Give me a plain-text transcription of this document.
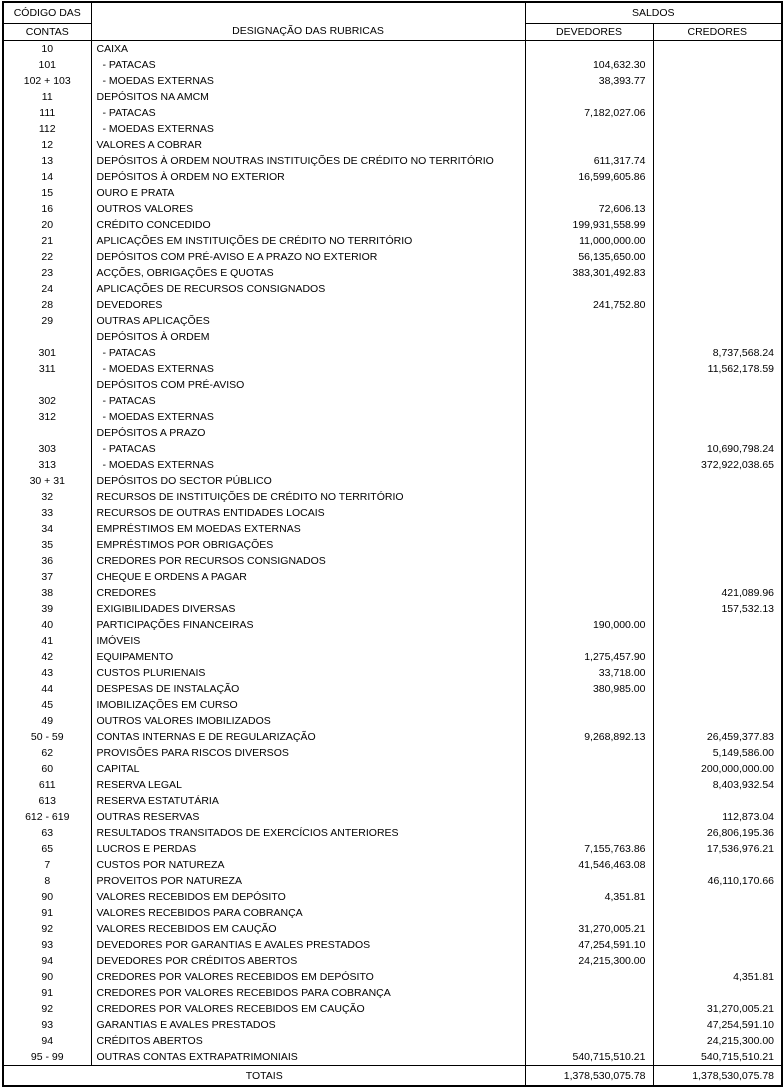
CÓDIGO DAS	DESIGNAÇÃO DAS RUBRICAS	SALDOS	
CONTAS		DEVEDORES	CREDORES
10	CAIXA		
101	- PATACAS	104,632.30	
102 + 103	- MOEDAS EXTERNAS	38,393.77	
11	DEPÓSITOS NA AMCM		
111	- PATACAS	7,182,027.06	
112	- MOEDAS EXTERNAS		
12	VALORES A COBRAR		
13	DEPÓSITOS À ORDEM NOUTRAS INSTITUIÇÕES DE CRÉDITO NO TERRITÓRIO	611,317.74	
14	DEPÓSITOS À ORDEM NO EXTERIOR	16,599,605.86	
15	OURO E PRATA		
16	OUTROS VALORES	72,606.13	
20	CRÉDITO CONCEDIDO	199,931,558.99	
21	APLICAÇÕES EM INSTITUIÇÕES DE CRÉDITO NO TERRITÓRIO	11,000,000.00	
22	DEPÓSITOS COM PRÉ-AVISO E A PRAZO NO EXTERIOR	56,135,650.00	
23	ACÇÕES, OBRIGAÇÕES E QUOTAS	383,301,492.83	
24	APLICAÇÕES DE RECURSOS CONSIGNADOS		
28	DEVEDORES	241,752.80	
29	OUTRAS APLICAÇÕES		
	DEPÓSITOS À ORDEM		
301	- PATACAS		8,737,568.24
311	- MOEDAS EXTERNAS		11,562,178.59
	DEPÓSITOS COM PRÉ-AVISO		
302	- PATACAS		
312	- MOEDAS EXTERNAS		
	DEPÓSITOS A PRAZO		
303	- PATACAS		10,690,798.24
313	- MOEDAS EXTERNAS		372,922,038.65
30 + 31	DEPÓSITOS DO SECTOR PÚBLICO		
32	RECURSOS DE INSTITUIÇÕES DE CRÉDITO NO TERRITÓRIO		
33	RECURSOS DE OUTRAS ENTIDADES LOCAIS		
34	EMPRÉSTIMOS EM MOEDAS EXTERNAS		
35	EMPRÉSTIMOS POR OBRIGAÇÕES		
36	CREDORES POR RECURSOS CONSIGNADOS		
37	CHEQUE E ORDENS A PAGAR		
38	CREDORES		421,089.96
39	EXIGIBILIDADES DIVERSAS		157,532.13
40	PARTICIPAÇÕES FINANCEIRAS	190,000.00	
41	IMÓVEIS		
42	EQUIPAMENTO	1,275,457.90	
43	CUSTOS PLURIENAIS	33,718.00	
44	DESPESAS DE INSTALAÇÃO	380,985.00	
45	IMOBILIZAÇÕES EM CURSO		
49	OUTROS VALORES IMOBILIZADOS		
50 - 59	CONTAS INTERNAS E DE REGULARIZAÇÃO	9,268,892.13	26,459,377.83
62	PROVISÕES PARA RISCOS DIVERSOS		5,149,586.00
60	CAPITAL		200,000,000.00
611	RESERVA LEGAL		8,403,932.54
613	RESERVA ESTATUTÁRIA		
612 - 619	OUTRAS RESERVAS		112,873.04
63	RESULTADOS TRANSITADOS DE EXERCÍCIOS ANTERIORES		26,806,195.36
65	LUCROS E PERDAS	7,155,763.86	17,536,976.21
7	CUSTOS POR NATUREZA	41,546,463.08	
8	PROVEITOS POR NATUREZA		46,110,170.66
90	VALORES RECEBIDOS EM DEPÓSITO	4,351.81	
91	VALORES RECEBIDOS PARA COBRANÇA		
92	VALORES RECEBIDOS EM CAUÇÃO	31,270,005.21	
93	DEVEDORES POR GARANTIAS E AVALES PRESTADOS	47,254,591.10	
94	DEVEDORES POR CRÉDITOS ABERTOS	24,215,300.00	
90	CREDORES POR VALORES RECEBIDOS EM DEPÓSITO		4,351.81
91	CREDORES POR VALORES RECEBIDOS PARA COBRANÇA		
92	CREDORES POR VALORES RECEBIDOS EM CAUÇÃO		31,270,005.21
93	GARANTIAS E AVALES PRESTADOS		47,254,591.10
94	CRÉDITOS ABERTOS		24,215,300.00
95 - 99	OUTRAS CONTAS EXTRAPATRIMONIAIS	540,715,510.21	540,715,510.21
TOTAIS		1,378,530,075.78	1,378,530,075.78
